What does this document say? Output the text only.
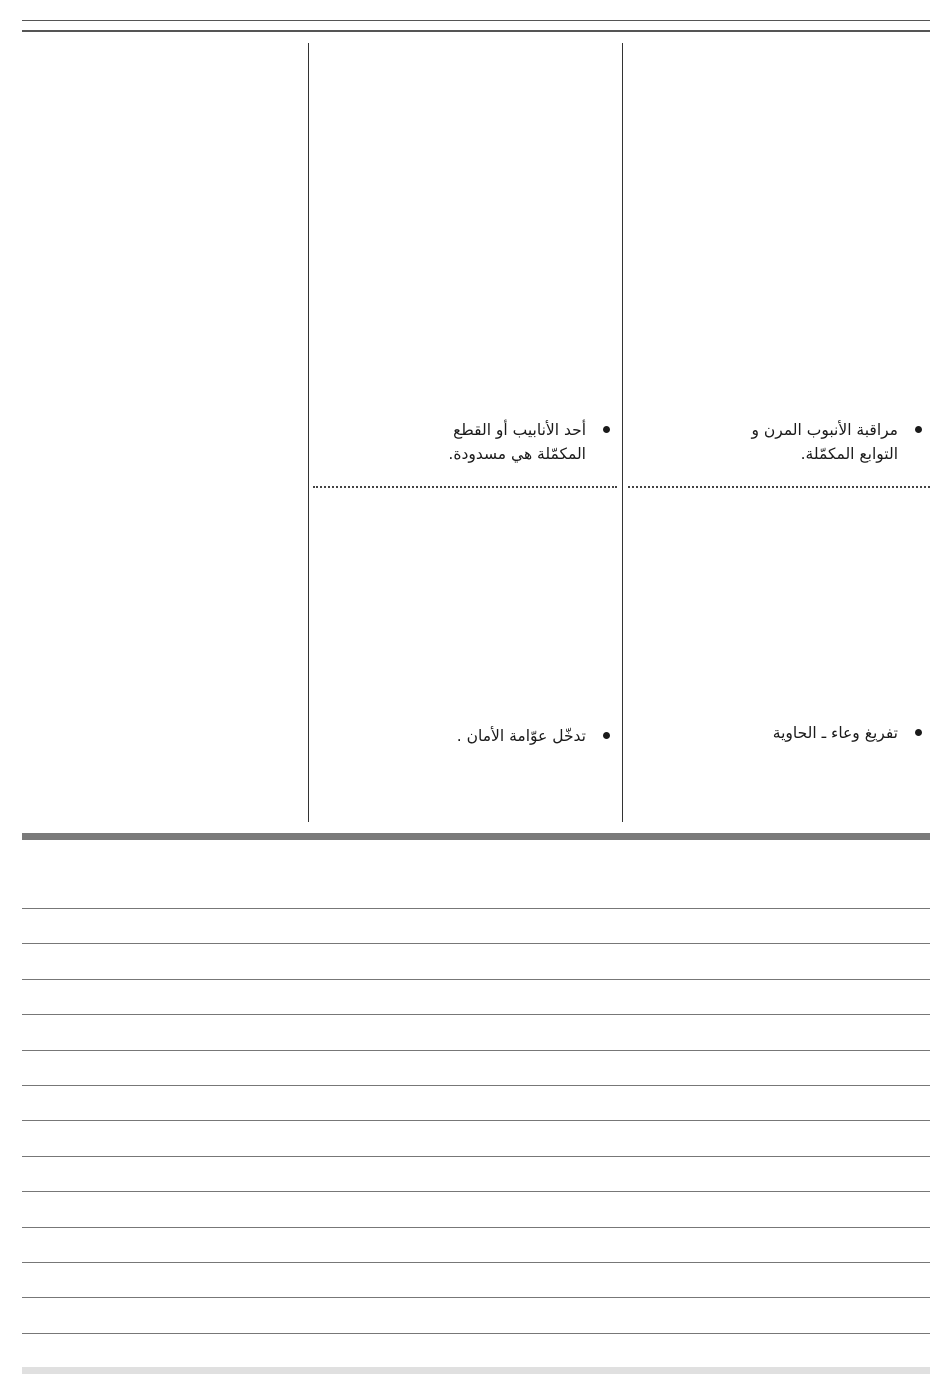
مراقبة الأنبوب المرن و
التوابع المكمّلة.
أحد الأنابيب أو القطع
المكمّلة هي مسدودة.
تفريغ وعاء ـ الحاوية
تدخّل عوّامة الأمان .
